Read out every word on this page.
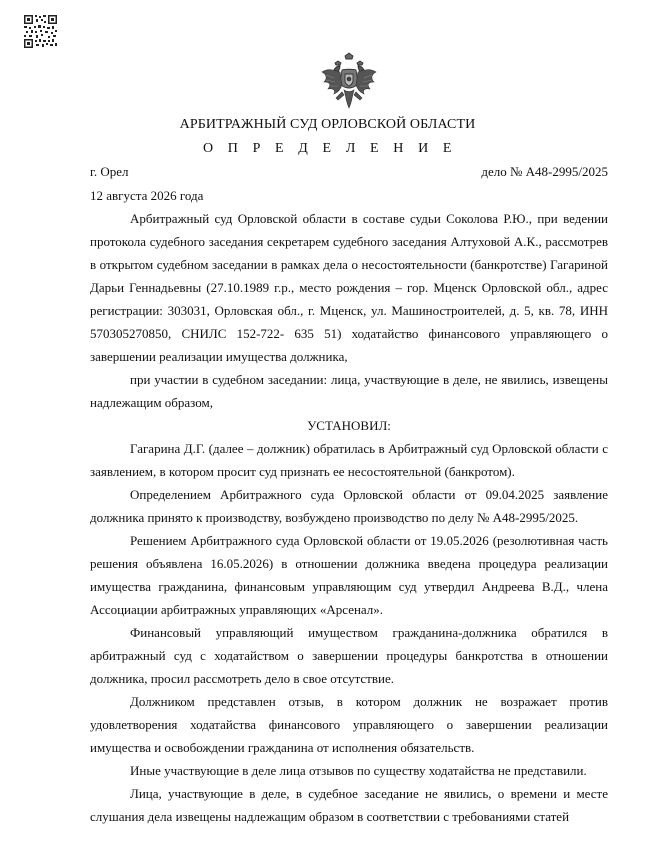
АРБИТРАЖНЫЙ СУД ОРЛОВСКОЙ ОБЛАСТИ
О П Р Е Д Е Л Е Н И Е
г. Орел	дело № А48-2995/2025
12 августа 2026 года

Арбитражный суд Орловской области в составе судьи Соколова Р.Ю., при ведении протокола судебного заседания секретарем судебного заседания Алтуховой А.К., рассмотрев в открытом судебном заседании в рамках дела о несостоятельности (банкротстве) Гагариной Дарьи Геннадьевны (27.10.1989 г.р., место рождения – гор. Мценск Орловской обл., адрес регистрации: 303031, Орловская обл., г. Мценск, ул. Машиностроителей, д. 5, кв. 78, ИНН 570305270850, СНИЛС 152-722- 635 51) ходатайство финансового управляющего о завершении реализации имущества должника,

при участии в судебном заседании: лица, участвующие в деле, не явились, извещены надлежащим образом,

УСТАНОВИЛ:

Гагарина Д.Г. (далее – должник) обратилась в Арбитражный суд Орловской области с заявлением, в котором просит суд признать ее несостоятельной (банкротом).

Определением Арбитражного суда Орловской области от 09.04.2025 заявление должника принято к производству, возбуждено производство по делу № А48-2995/2025.

Решением Арбитражного суда Орловской области от 19.05.2026 (резолютивная часть решения объявлена 16.05.2026) в отношении должника введена процедура реализации имущества гражданина, финансовым управляющим суд утвердил Андреева В.Д., члена Ассоциации арбитражных управляющих «Арсенал».

Финансовый управляющий имуществом гражданина-должника обратился в арбитражный суд с ходатайством о завершении процедуры банкротства в отношении должника, просил рассмотреть дело в свое отсутствие.

Должником представлен отзыв, в котором должник не возражает против удовлетворения ходатайства финансового управляющего о завершении реализации имущества и освобождении гражданина от исполнения обязательств.

Иные участвующие в деле лица отзывов по существу ходатайства не представили.

Лица, участвующие в деле, в судебное заседание не явились, о времени и месте слушания дела извещены надлежащим образом в соответствии с требованиями статей
